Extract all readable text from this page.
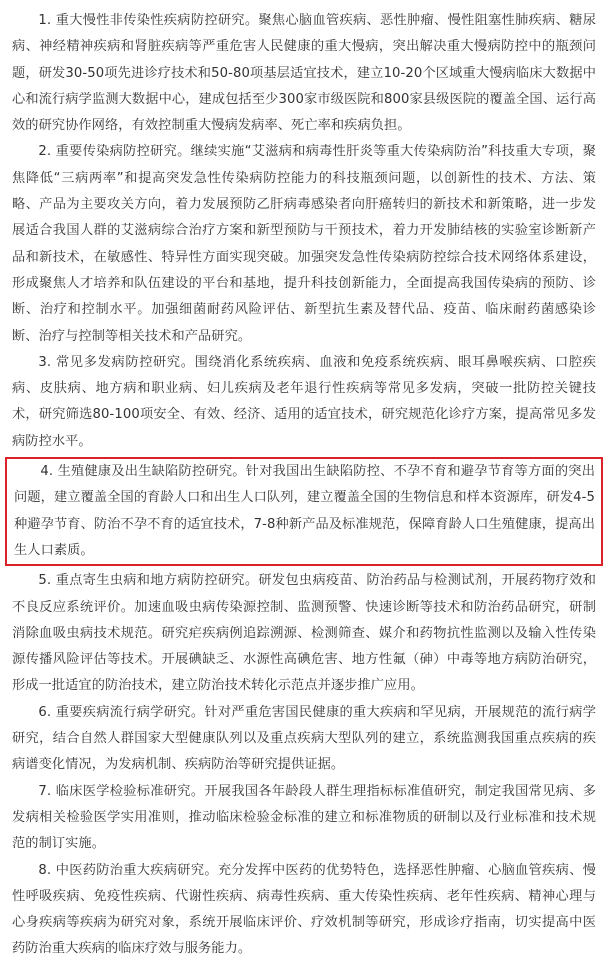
1. 重大慢性非传染性疾病防控研究。聚焦心脑血管疾病、恶性肿瘤、慢性阻塞性肺疾病、糖尿病、神经精神疾病和肾脏疾病等严重危害人民健康的重大慢病，突出解决重大慢病防控中的瓶颈问题，研发30-50项先进诊疗技术和50-80项基层适宜技术，建立10-20个区域重大慢病临床大数据中心和流行病学监测大数据中心，建成包括至少300家市级医院和800家县级医院的覆盖全国、运行高效的研究协作网络，有效控制重大慢病发病率、死亡率和疾病负担。

2. 重要传染病防控研究。继续实施“艾滋病和病毒性肝炎等重大传染病防治”科技重大专项，聚焦降低“三病两率”和提高突发急性传染病防控能力的科技瓶颈问题，以创新性的技术、方法、策略、产品为主要攻关方向，着力发展预防乙肝病毒感染者向肝癌转归的新技术和新策略，进一步发展适合我国人群的艾滋病综合治疗方案和新型预防与干预技术，着力开发肺结核的实验室诊断新产品和新技术，在敏感性、特异性方面实现突破。加强突发急性传染病防控综合技术网络体系建设，形成聚焦人才培养和队伍建设的平台和基地，提升科技创新能力，全面提高我国传染病的预防、诊断、治疗和控制水平。加强细菌耐药风险评估、新型抗生素及替代品、疫苗、临床耐药菌感染诊断、治疗与控制等相关技术和产品研究。

3. 常见多发病防控研究。围绕消化系统疾病、血液和免疫系统疾病、眼耳鼻喉疾病、口腔疾病、皮肤病、地方病和职业病、妇儿疾病及老年退行性疾病等常见多发病，突破一批防控关键技术，研究筛选80-100项安全、有效、经济、适用的适宜技术，研究规范化诊疗方案，提高常见多发病防控水平。

4. 生殖健康及出生缺陷防控研究。针对我国出生缺陷防控、不孕不育和避孕节育等方面的突出问题，建立覆盖全国的育龄人口和出生人口队列，建立覆盖全国的生物信息和样本资源库，研发4-5种避孕节育、防治不孕不育的适宜技术，7-8种新产品及标准规范，保障育龄人口生殖健康，提高出生人口素质。

5. 重点寄生虫病和地方病防控研究。研发包虫病疫苗、防治药品与检测试剂，开展药物疗效和不良反应系统评价。加速血吸虫病传染源控制、监测预警、快速诊断等技术和防治药品研究，研制消除血吸虫病技术规范。研究疟疾病例追踪溯源、检测筛查、媒介和药物抗性监测以及输入性传染源传播风险评估等技术。开展碘缺乏、水源性高碘危害、地方性氟（砷）中毒等地方病防治研究，形成一批适宜的防治技术，建立防治技术转化示范点并逐步推广应用。

6. 重要疾病流行病学研究。针对严重危害国民健康的重大疾病和罕见病，开展规范的流行病学研究，结合自然人群国家大型健康队列以及重点疾病大型队列的建立，系统监测我国重点疾病的疾病谱变化情况，为发病机制、疾病防治等研究提供证据。

7. 临床医学检验标准研究。开展我国各年龄段人群生理指标标准值研究，制定我国常见病、多发病相关检验医学实用准则，推动临床检验金标准的建立和标准物质的研制以及行业标准和技术规范的制订实施。

8. 中医药防治重大疾病研究。充分发挥中医药的优势特色，选择恶性肿瘤、心脑血管疾病、慢性呼吸疾病、免疫性疾病、代谢性疾病、病毒性疾病、重大传染性疾病、老年性疾病、精神心理与心身疾病等疾病为研究对象，系统开展临床评价、疗效机制等研究，形成诊疗指南，切实提高中医药防治重大疾病的临床疗效与服务能力。
